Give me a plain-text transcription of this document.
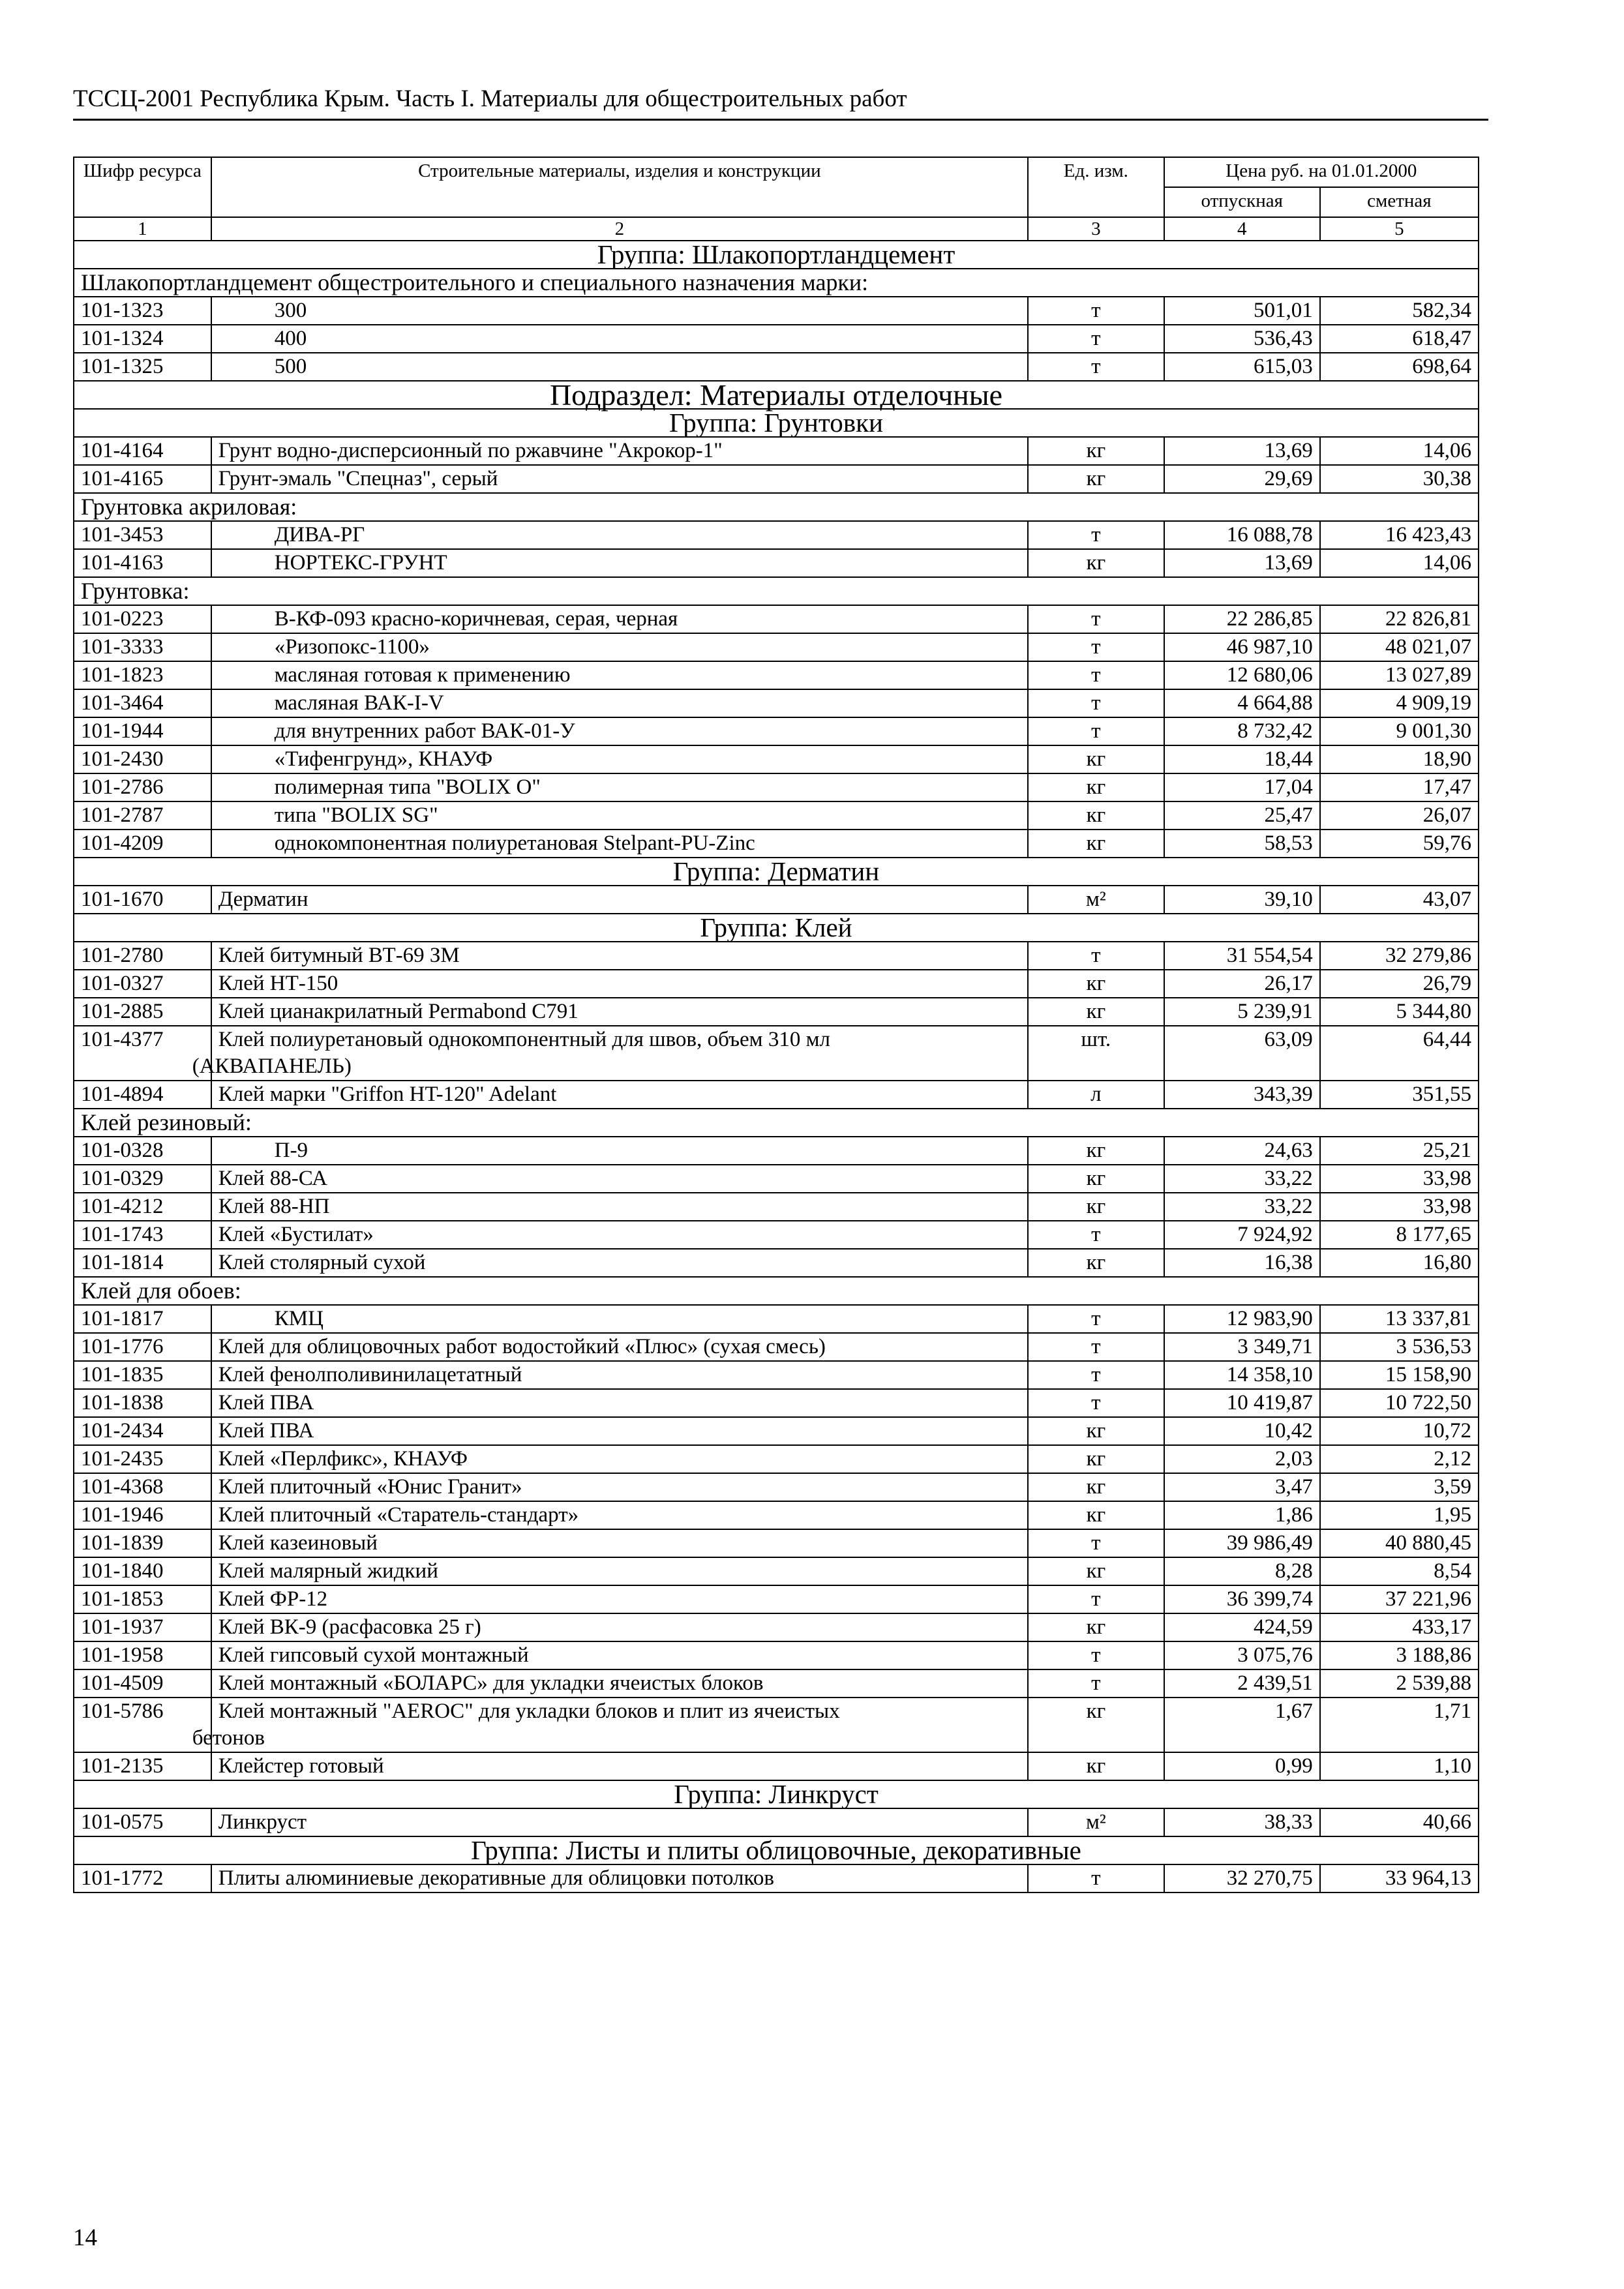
ТССЦ-2001 Республика Крым. Часть I. Материалы для общестроительных работ
Шифр ресурса	Строительные материалы, изделия и конструкции	Ед. изм.	Цена руб. на 01.01.2000	
			отпускная	сметная
1	2	3	4	5
Группа: Шлакопортландцемент				
Шлакопортландцемент общестроительного и специального назначения марки:				
101-1323	300	т	501,01	582,34
101-1324	400	т	536,43	618,47
101-1325	500	т	615,03	698,64
Подраздел: Материалы отделочные				
Группа: Грунтовки				
101-4164	Грунт водно-дисперсионный по ржавчине "Акрокор-1"	кг	13,69	14,06
101-4165	Грунт-эмаль "Спецназ", серый	кг	29,69	30,38
Грунтовка акриловая:				
101-3453	ДИВА-РГ	т	16 088,78	16 423,43
101-4163	НОРТЕКС-ГРУНТ	кг	13,69	14,06
Грунтовка:				
101-0223	В-КФ-093 красно-коричневая, серая, черная	т	22 286,85	22 826,81
101-3333	«Ризопокс-1100»	т	46 987,10	48 021,07
101-1823	масляная готовая к применению	т	12 680,06	13 027,89
101-3464	масляная ВАК-I-V	т	4 664,88	4 909,19
101-1944	для внутренних работ ВАК-01-У	т	8 732,42	9 001,30
101-2430	«Тифенгрунд», КНАУФ	кг	18,44	18,90
101-2786	полимерная типа "BOLIX O"	кг	17,04	17,47
101-2787	типа "BOLIX SG"	кг	25,47	26,07
101-4209	однокомпонентная полиуретановая Stelpant-PU-Zinc	кг	58,53	59,76
Группа: Дерматин				
101-1670	Дерматин	м²	39,10	43,07
Группа: Клей				
101-2780	Клей битумный ВТ-69 ЗМ	т	31 554,54	32 279,86
101-0327	Клей НТ-150	кг	26,17	26,79
101-2885	Клей цианакрилатный Permabond C791	кг	5 239,91	5 344,80
101-4377	Клей полиуретановый однокомпонентный для швов, объем 310 мл
(АКВАПАНЕЛЬ)	шт.	63,09	64,44
101-4894	Клей марки "Griffon HT-120" Adelant	л	343,39	351,55
Клей резиновый:				
101-0328	П-9	кг	24,63	25,21
101-0329	Клей 88-СА	кг	33,22	33,98
101-4212	Клей 88-НП	кг	33,22	33,98
101-1743	Клей «Бустилат»	т	7 924,92	8 177,65
101-1814	Клей столярный сухой	кг	16,38	16,80
Клей для обоев:				
101-1817	КМЦ	т	12 983,90	13 337,81
101-1776	Клей для облицовочных работ водостойкий «Плюс» (сухая смесь)	т	3 349,71	3 536,53
101-1835	Клей фенолполивинилацетатный	т	14 358,10	15 158,90
101-1838	Клей ПВА	т	10 419,87	10 722,50
101-2434	Клей ПВА	кг	10,42	10,72
101-2435	Клей «Перлфикс», КНАУФ	кг	2,03	2,12
101-4368	Клей плиточный «Юнис Гранит»	кг	3,47	3,59
101-1946	Клей плиточный «Старатель-стандарт»	кг	1,86	1,95
101-1839	Клей казеиновый	т	39 986,49	40 880,45
101-1840	Клей малярный жидкий	кг	8,28	8,54
101-1853	Клей ФР-12	т	36 399,74	37 221,96
101-1937	Клей ВК-9 (расфасовка 25 г)	кг	424,59	433,17
101-1958	Клей гипсовый сухой монтажный	т	3 075,76	3 188,86
101-4509	Клей монтажный «БОЛАРС» для укладки ячеистых блоков	т	2 439,51	2 539,88
101-5786	Клей монтажный "AEROC" для укладки блоков и плит из ячеистых
бетонов	кг	1,67	1,71
101-2135	Клейстер готовый	кг	0,99	1,10
Группа: Линкруст				
101-0575	Линкруст	м²	38,33	40,66
Группа: Листы и плиты облицовочные, декоративные				
101-1772	Плиты алюминиевые декоративные для облицовки потолков	т	32 270,75	33 964,13
14
